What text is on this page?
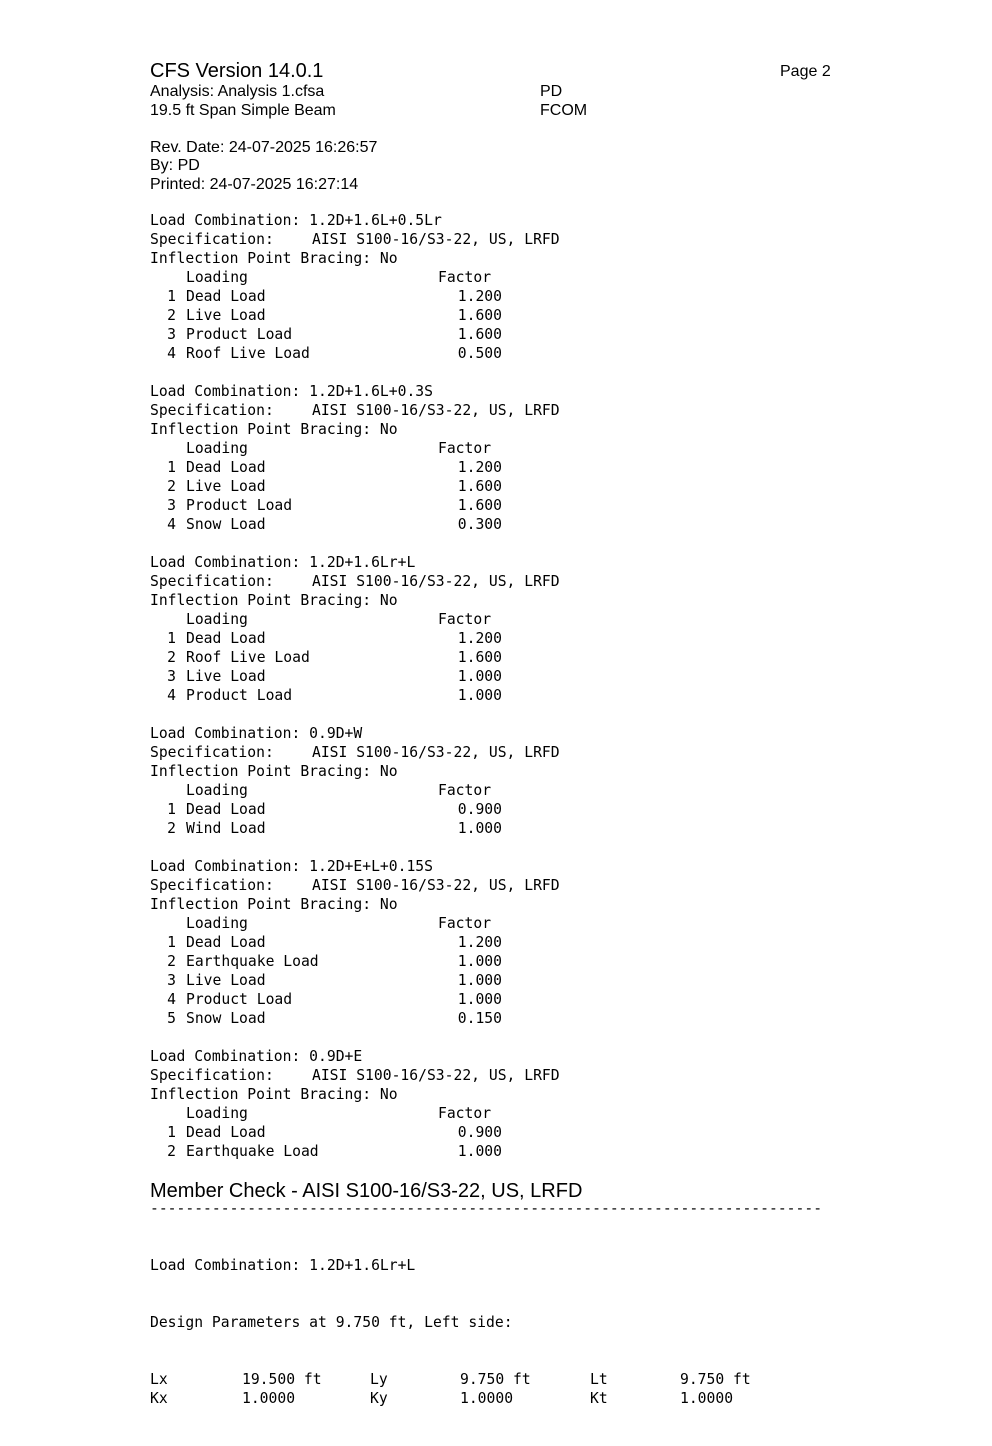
CFS Version 14.0.1	Page 2
Analysis: Analysis 1.cfsa	PD
19.5 ft Span Simple Beam	FCOM
Rev. Date: 24-07-2025 16:26:57
By: PD
Printed: 24-07-2025 16:27:14
Load Combination: 1.2D+1.6L+0.5Lr
Specification:	AISI S100-16/S3-22, US, LRFD
Inflection Point Bracing: No
Loading	Factor
1 Dead Load	1.200
2 Live Load	1.600
3 Product Load	1.600
4 Roof Live Load	0.500
Load Combination: 1.2D+1.6L+0.3S
Specification:	AISI S100-16/S3-22, US, LRFD
Inflection Point Bracing: No
Loading	Factor
1 Dead Load	1.200
2 Live Load	1.600
3 Product Load	1.600
4 Snow Load	0.300
Load Combination: 1.2D+1.6Lr+L
Specification:	AISI S100-16/S3-22, US, LRFD
Inflection Point Bracing: No
Loading	Factor
1 Dead Load	1.200
2 Roof Live Load	1.600
3 Live Load	1.000
4 Product Load	1.000
Load Combination: 0.9D+W
Specification:	AISI S100-16/S3-22, US, LRFD
Inflection Point Bracing: No
Loading	Factor
1 Dead Load	0.900
2 Wind Load	1.000
Load Combination: 1.2D+E+L+0.15S
Specification:	AISI S100-16/S3-22, US, LRFD
Inflection Point Bracing: No
Loading	Factor
1 Dead Load	1.200
2 Earthquake Load	1.000
3 Live Load	1.000
4 Product Load	1.000
5 Snow Load	0.150
Load Combination: 0.9D+E
Specification:	AISI S100-16/S3-22, US, LRFD
Inflection Point Bracing: No
Loading	Factor
1 Dead Load	0.900
2 Earthquake Load	1.000
Member Check - AISI S100-16/S3-22, US, LRFD
----------------------------------------------------------------------------

Load Combination: 1.2D+1.6Lr+L

Design Parameters at 9.750 ft, Left side:

Lx	19.500 ft	Ly	9.750 ft	Lt	9.750 ft
Kx	1.0000	Ky	1.0000	Kt	1.0000
